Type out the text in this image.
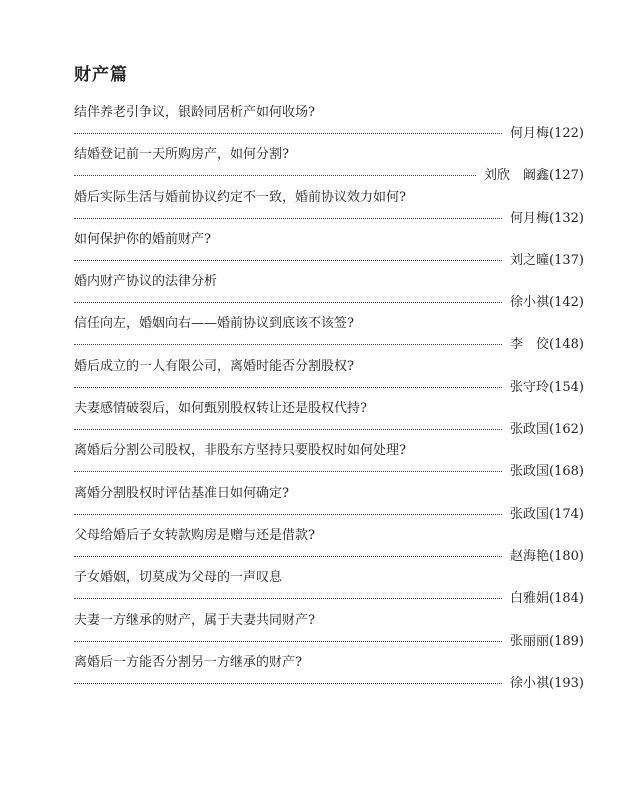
财产篇
结伴养老引争议，银龄同居析产如何收场?
何月梅 (122)
结婚登记前一天所购房产，如何分割?
刘欣　阚鑫 (127)
婚后实际生活与婚前协议约定不一致，婚前协议效力如何?
何月梅 (132)
如何保护你的婚前财产?
刘之曈 (137)
婚内财产协议的法律分析
徐小祺 (142)
信任向左，婚姻向右——婚前协议到底该不该签?
李　佼 (148)
婚后成立的一人有限公司，离婚时能否分割股权?
张守玲 (154)
夫妻感情破裂后，如何甄别股权转让还是股权代持?
张政国 (162)
离婚后分割公司股权，非股东方坚持只要股权时如何处理?
张政国 (168)
离婚分割股权时评估基准日如何确定?
张政国 (174)
父母给婚后子女转款购房是赠与还是借款?
赵海艳 (180)
子女婚姻，切莫成为父母的一声叹息
白雅娟 (184)
夫妻一方继承的财产，属于夫妻共同财产?
张丽丽 (189)
离婚后一方能否分割另一方继承的财产?
徐小祺 (193)
